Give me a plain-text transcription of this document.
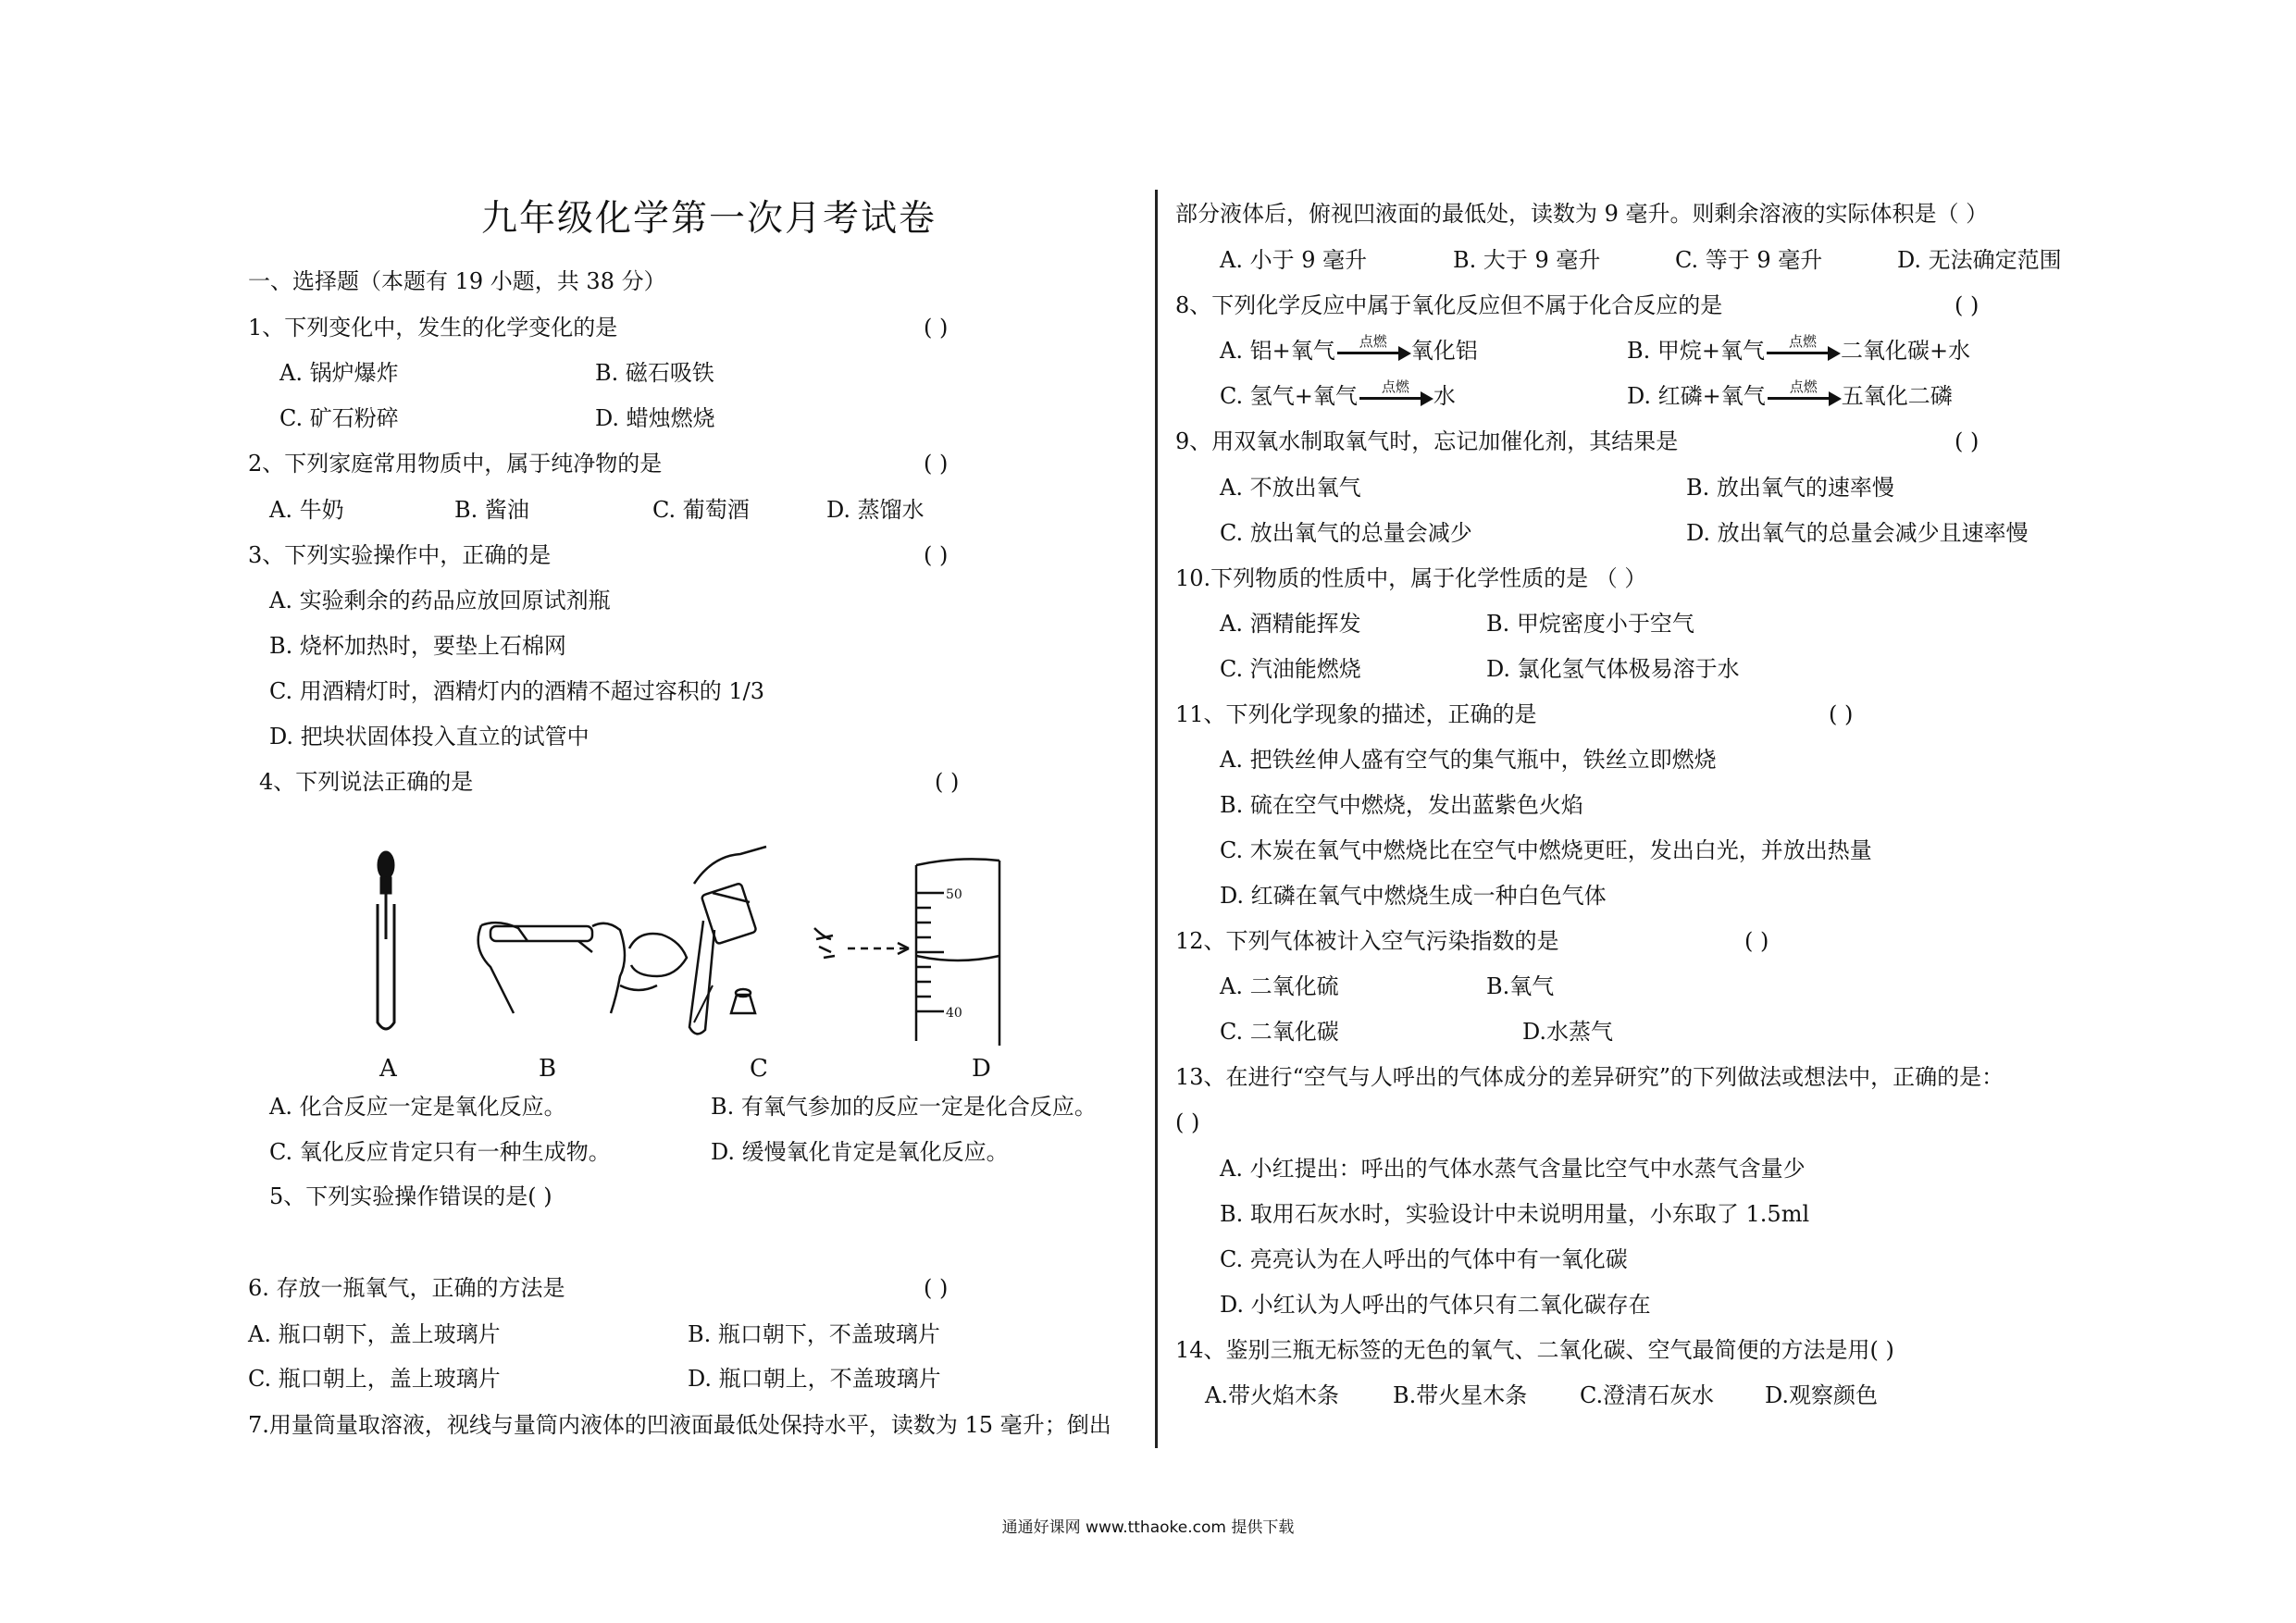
九年级化学第一次月考试卷
一、选择题（本题有 19 小题，共 38 分）
1、下列变化中，发生的化学变化的是	( )
A. 锅炉爆炸	B. 磁石吸铁
C. 矿石粉碎	D. 蜡烛燃烧
2、下列家庭常用物质中，属于纯净物的是	( )
A. 牛奶	B. 酱油	C. 葡萄酒	D. 蒸馏水
3、下列实验操作中，正确的是	( )
A. 实验剩余的药品应放回原试剂瓶
B. 烧杯加热时，要垫上石棉网
C. 用酒精灯时，酒精灯内的酒精不超过容积的 1/3
D. 把块状固体投入直立的试管中
4、下列说法正确的是	( )
50
40
A	B	C	D
A. 化合反应一定是氧化反应。	B. 有氧气参加的反应一定是化合反应。
C. 氧化反应肯定只有一种生成物。	D. 缓慢氧化肯定是氧化反应。
5、下列实验操作错误的是( )
6. 存放一瓶氧气，正确的方法是	( )
A. 瓶口朝下，盖上玻璃片	B. 瓶口朝下，不盖玻璃片
C. 瓶口朝上，盖上玻璃片	D. 瓶口朝上，不盖玻璃片
7.用量筒量取溶液，视线与量筒内液体的凹液面最低处保持水平，读数为 15 毫升；倒出
部分液体后，俯视凹液面的最低处，读数为 9 毫升。则剩余溶液的实际体积是（ ）
A. 小于 9 毫升	B. 大于 9 毫升	C. 等于 9 毫升	D. 无法确定范围
8、下列化学反应中属于氧化反应但不属于化合反应的是	( )
A. 铝+氧气	点燃	氧化铝	B. 甲烷+氧气	点燃	二氧化碳+水
C. 氢气+氧气	点燃	水	D. 红磷+氧气	点燃	五氧化二磷
9、用双氧水制取氧气时，忘记加催化剂，其结果是	( )
A. 不放出氧气	B. 放出氧气的速率慢
C. 放出氧气的总量会减少	D. 放出氧气的总量会减少且速率慢
10.下列物质的性质中，属于化学性质的是 （ ）
A. 酒精能挥发	B. 甲烷密度小于空气
C. 汽油能燃烧	D. 氯化氢气体极易溶于水
11、下列化学现象的描述，正确的是	( )
A. 把铁丝伸人盛有空气的集气瓶中，铁丝立即燃烧
B. 硫在空气中燃烧，发出蓝紫色火焰
C. 木炭在氧气中燃烧比在空气中燃烧更旺，发出白光，并放出热量
D. 红磷在氧气中燃烧生成一种白色气体
12、下列气体被计入空气污染指数的是	( )
A. 二氧化硫	B.氧气
C. 二氧化碳	D.水蒸气
13、在进行“空气与人呼出的气体成分的差异研究”的下列做法或想法中，正确的是：
( )
A. 小红提出：呼出的气体水蒸气含量比空气中水蒸气含量少
B. 取用石灰水时，实验设计中未说明用量，小东取了 1.5ml
C. 亮亮认为在人呼出的气体中有一氧化碳
D. 小红认为人呼出的气体只有二氧化碳存在
14、鉴别三瓶无标签的无色的氧气、二氧化碳、空气最简便的方法是用( )
A.带火焰木条 B.带火星木条 C.澄清石灰水 D.观察颜色
通通好课网 www.tthaoke.com 提供下载
